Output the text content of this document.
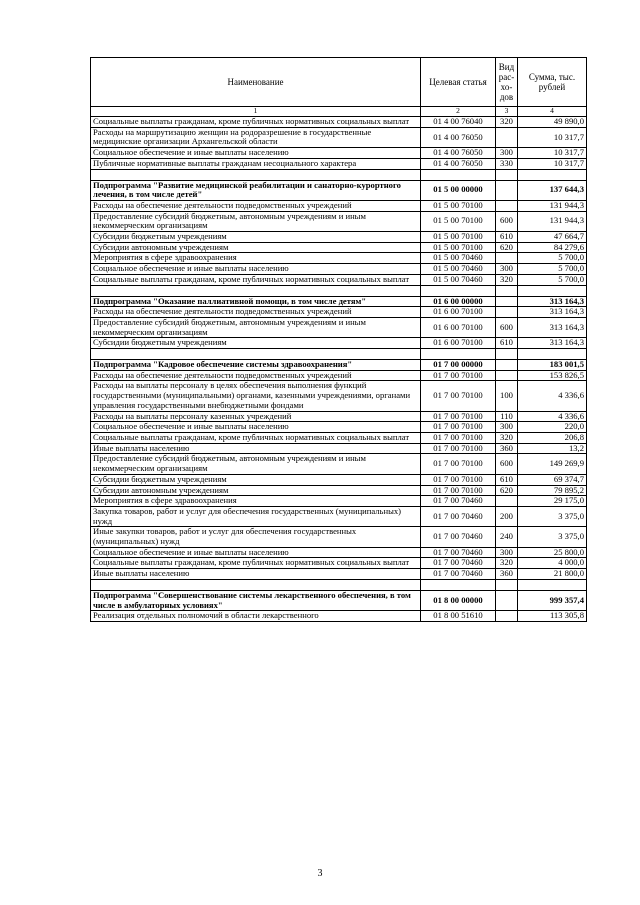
Наименование	Целевая статья	Вид рас-хо-дов	Сумма, тыс. рублей
1	2	3	4
Социальные выплаты гражданам, кроме публичных нормативных социальных выплат	01 4 00 76040	320	49 890,0
Расходы на маршрутизацию женщин на родоразрешение в государственные медицинские организации Архангельской области	01 4 00 76050		10 317,7
Социальное обеспечение и иные выплаты населению	01 4 00 76050	300	10 317,7
Публичные нормативные выплаты гражданам несоциального характера	01 4 00 76050	330	10 317,7

Подпрограмма "Развитие медицинской реабилитации и санаторно-курортного лечения, в том числе детей"	01 5 00 00000		137 644,3
Расходы на обеспечение деятельности подведомственных учреждений	01 5 00 70100		131 944,3
Предоставление субсидий бюджетным, автономным учреждениям и иным некоммерческим организациям	01 5 00 70100	600	131 944,3
Субсидии бюджетным учреждениям	01 5 00 70100	610	47 664,7
Субсидии автономным учреждениям	01 5 00 70100	620	84 279,6
Мероприятия в сфере здравоохранения	01 5 00 70460		5 700,0
Социальное обеспечение и иные выплаты населению	01 5 00 70460	300	5 700,0
Социальные выплаты гражданам, кроме публичных нормативных социальных выплат	01 5 00 70460	320	5 700,0

Подпрограмма "Оказание паллиативной помощи, в том числе детям"	01 6 00 00000		313 164,3
Расходы на обеспечение деятельности подведомственных учреждений	01 6 00 70100		313 164,3
Предоставление субсидий бюджетным, автономным учреждениям и иным некоммерческим организациям	01 6 00 70100	600	313 164,3
Субсидии бюджетным учреждениям	01 6 00 70100	610	313 164,3

Подпрограмма "Кадровое обеспечение системы здравоохранения"	01 7 00 00000		183 001,5
Расходы на обеспечение деятельности подведомственных учреждений	01 7 00 70100		153 826,5
Расходы на выплаты персоналу в целях обеспечения выполнения функций государственными (муниципальными) органами, казенными учреждениями, органами управления государственными внебюджетными фондами	01 7 00 70100	100	4 336,6
Расходы на выплаты персоналу казенных учреждений	01 7 00 70100	110	4 336,6
Социальное обеспечение и иные выплаты населению	01 7 00 70100	300	220,0
Социальные выплаты гражданам, кроме публичных нормативных социальных выплат	01 7 00 70100	320	206,8
Иные выплаты населению	01 7 00 70100	360	13,2
Предоставление субсидий бюджетным, автономным учреждениям и иным некоммерческим организациям	01 7 00 70100	600	149 269,9
Субсидии бюджетным учреждениям	01 7 00 70100	610	69 374,7
Субсидии автономным учреждениям	01 7 00 70100	620	79 895,2
Мероприятия в сфере здравоохранения	01 7 00 70460		29 175,0
Закупка товаров, работ и услуг для обеспечения государственных (муниципальных) нужд	01 7 00 70460	200	3 375,0
Иные закупки товаров, работ и услуг для обеспечения государственных (муниципальных) нужд	01 7 00 70460	240	3 375,0
Социальное обеспечение и иные выплаты населению	01 7 00 70460	300	25 800,0
Социальные выплаты гражданам, кроме публичных нормативных социальных выплат	01 7 00 70460	320	4 000,0
Иные выплаты населению	01 7 00 70460	360	21 800,0

Подпрограмма "Совершенствование системы лекарственного обеспечения, в том числе в амбулаторных условиях"	01 8 00 00000		999 357,4
Реализация отдельных полномочий в области лекарственного	01 8 00 51610		113 305,8
3
